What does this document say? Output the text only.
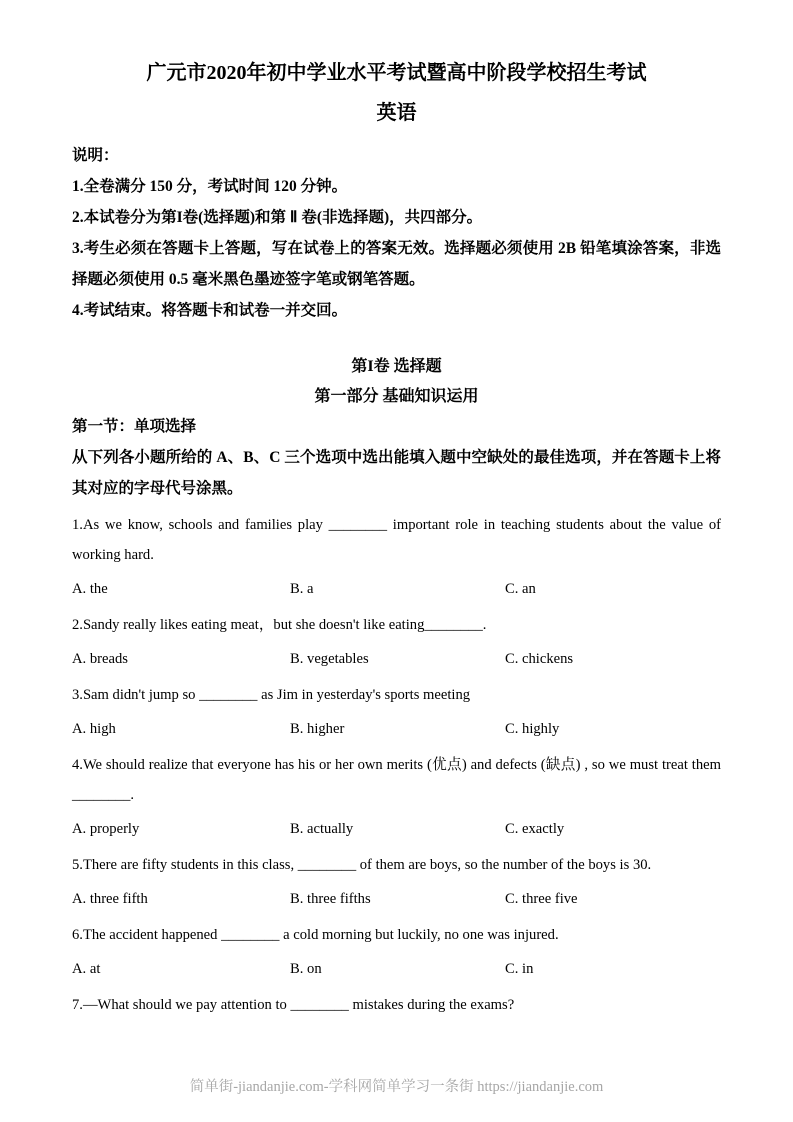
广元市2020年初中学业水平考试暨高中阶段学校招生考试
英语

说明：

1.全卷满分 150 分，考试时间 120 分钟。

2.本试卷分为第I卷(选择题)和第 Ⅱ 卷(非选择题)，共四部分。

3.考生必须在答题卡上答题，写在试卷上的答案无效。选择题必须使用 2B 铅笔填涂答案，非选择题必须使用 0.5 毫米黑色墨迹签字笔或钢笔答题。

4.考试结束。将答题卡和试卷一并交回。

第I卷 选择题

第一部分 基础知识运用

第一节：单项选择

从下列各小题所给的 A、B、C 三个选项中选出能填入题中空缺处的最佳选项，并在答题卡上将其对应的字母代号涂黑。

1.As we know, schools and families play ________ important role in teaching students about the value of working hard.

A. the	B. a	C. an

2.Sandy really likes eating meat，but she doesn't like eating________.

A. breads	B. vegetables	C. chickens

3.Sam didn't jump so ________ as Jim in yesterday's sports meeting

A. high	B. higher	C. highly

4.We should realize that everyone has his or her own merits (优点) and defects (缺点) , so we must treat them ________.

A. properly	B. actually	C. exactly

5.There are fifty students in this class, ________ of them are boys, so the number of the boys is 30.

A. three fifth	B. three fifths	C. three five

6.The accident happened ________ a cold morning but luckily, no one was injured.

A. at	B. on	C. in

7.—What should we pay attention to ________ mistakes during the exams?

简单街-jiandanjie.com-学科网简单学习一条街 https://jiandanjie.com
